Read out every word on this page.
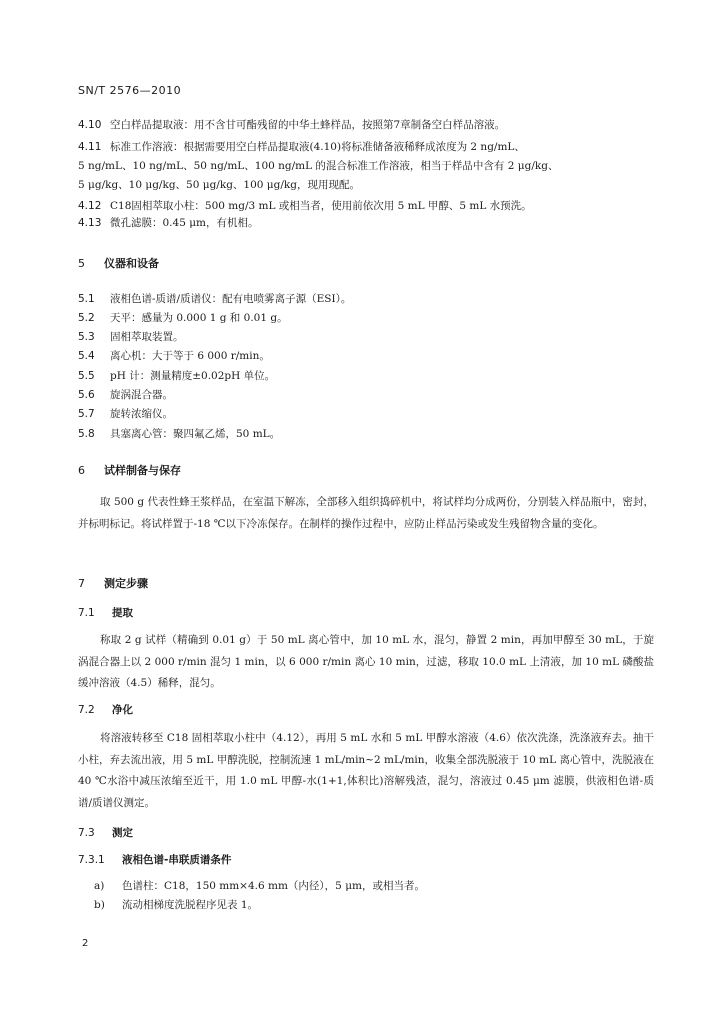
SN/T 2576—2010
4.10 空白样品提取液：用不含甘可酯残留的中华土蜂样品，按照第7章制备空白样品溶液。
4.11 标准工作溶液：根据需要用空白样品提取液(4.10)将标准储备液稀释成浓度为 2 ng/mL、
5 ng/mL、10 ng/mL、50 ng/mL、100 ng/mL 的混合标准工作溶液，相当于样品中含有 2 μg/kg、
5 μg/kg、10 μg/kg、50 μg/kg、100 μg/kg，现用现配。
4.12 C18固相萃取小柱：500 mg/3 mL 或相当者，使用前依次用 5 mL 甲醇、5 mL 水预洗。
4.13 微孔滤膜：0.45 μm，有机相。
5 仪器和设备
5.1 液相色谱-质谱/质谱仪：配有电喷雾离子源（ESI）。
5.2 天平：感量为 0.000 1 g 和 0.01 g。
5.3 固相萃取装置。
5.4 离心机：大于等于 6 000 r/min。
5.5 pH 计：测量精度±0.02pH 单位。
5.6 旋涡混合器。
5.7 旋转浓缩仪。
5.8 具塞离心管：聚四氟乙烯，50 mL。
6 试样制备与保存
取 500 g 代表性蜂王浆样品，在室温下解冻，全部移入组织捣碎机中，将试样均分成两份，分别装入样品瓶中，密封，并标明标记。将试样置于-18 ℃以下冷冻保存。在制样的操作过程中，应防止样品污染或发生残留物含量的变化。
7 测定步骤
7.1 提取
称取 2 g 试样（精确到 0.01 g）于 50 mL 离心管中，加 10 mL 水，混匀，静置 2 min，再加甲醇至 30 mL，于旋涡混合器上以 2 000 r/min 混匀 1 min，以 6 000 r/min 离心 10 min，过滤，移取 10.0 mL 上清液，加 10 mL 磷酸盐缓冲溶液（4.5）稀释，混匀。
7.2 净化
将溶液转移至 C18 固相萃取小柱中（4.12），再用 5 mL 水和 5 mL 甲醇水溶液（4.6）依次洗涤，洗涤液弃去。抽干小柱，弃去流出液，用 5 mL 甲醇洗脱，控制流速 1 mL/min~2 mL/min，收集全部洗脱液于 10 mL 离心管中，洗脱液在 40 ℃水浴中减压浓缩至近干，用 1.0 mL 甲醇-水(1+1,体积比)溶解残渣，混匀，溶液过 0.45 μm 滤膜，供液相色谱-质谱/质谱仪测定。
7.3 测定
7.3.1 液相色谱-串联质谱条件
a) 色谱柱：C18，150 mm×4.6 mm（内径），5 μm，或相当者。
b) 流动相梯度洗脱程序见表 1。
2
